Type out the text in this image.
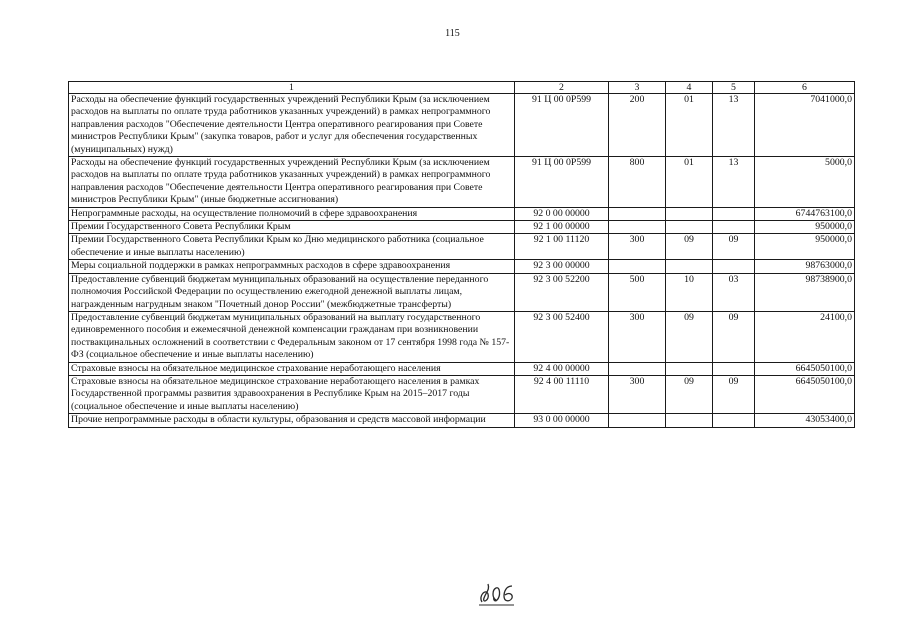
115
1	2	3	4	5	6
Расходы на обеспечение функций государственных учреждений Республики Крым (за исключением расходов на выплаты по оплате труда работников указанных учреждений) в рамках непрограммного направления расходов "Обеспечение деятельности Центра оперативного реагирования при Совете министров Республики Крым" (закупка товаров, работ и услуг для обеспечения государственных (муниципальных) нужд)	91 Ц 00 0Р599	200	01	13	7041000,0
Расходы на обеспечение функций государственных учреждений Республики Крым (за исключением расходов на выплаты по оплате труда работников указанных учреждений) в рамках непрограммного направления расходов "Обеспечение деятельности Центра оперативного реагирования при Совете министров Республики Крым" (иные бюджетные ассигнования)	91 Ц 00 0Р599	800	01	13	5000,0
Непрограммные расходы, на осуществление полномочий в сфере здравоохранения	92 0 00 00000				6744763100,0
Премии Государственного Совета Республики Крым	92 1 00 00000				950000,0
Премии Государственного Совета Республики Крым ко Дню медицинского работника (социальное обеспечение и иные выплаты населению)	92 1 00 11120	300	09	09	950000,0
Меры социальной поддержки в рамках непрограммных расходов в сфере здравоохранения	92 3 00 00000				98763000,0
Предоставление субвенций бюджетам муниципальных образований на осуществление переданного полномочия Российской Федерации по осуществлению ежегодной денежной выплаты лицам, награжденным нагрудным знаком "Почетный донор России" (межбюджетные трансферты)	92 3 00 52200	500	10	03	98738900,0
Предоставление субвенций бюджетам муниципальных образований на выплату государственного единовременного пособия и ежемесячной денежной компенсации гражданам при возникновении поствакцинальных осложнений в соответствии с Федеральным законом от 17 сентября 1998 года № 157-ФЗ (социальное обеспечение и иные выплаты населению)	92 3 00 52400	300	09	09	24100,0
Страховые взносы на обязательное медицинское страхование неработающего населения	92 4 00 00000				6645050100,0
Страховые взносы на обязательное медицинское страхование неработающего населения в рамках Государственной программы развития здравоохранения в Республике Крым на 2015–2017 годы (социальное обеспечение и иные выплаты населению)	92 4 00 11110	300	09	09	6645050100,0
Прочие непрограммные расходы в области культуры, образования и средств массовой информации	93 0 00 00000				43053400,0
